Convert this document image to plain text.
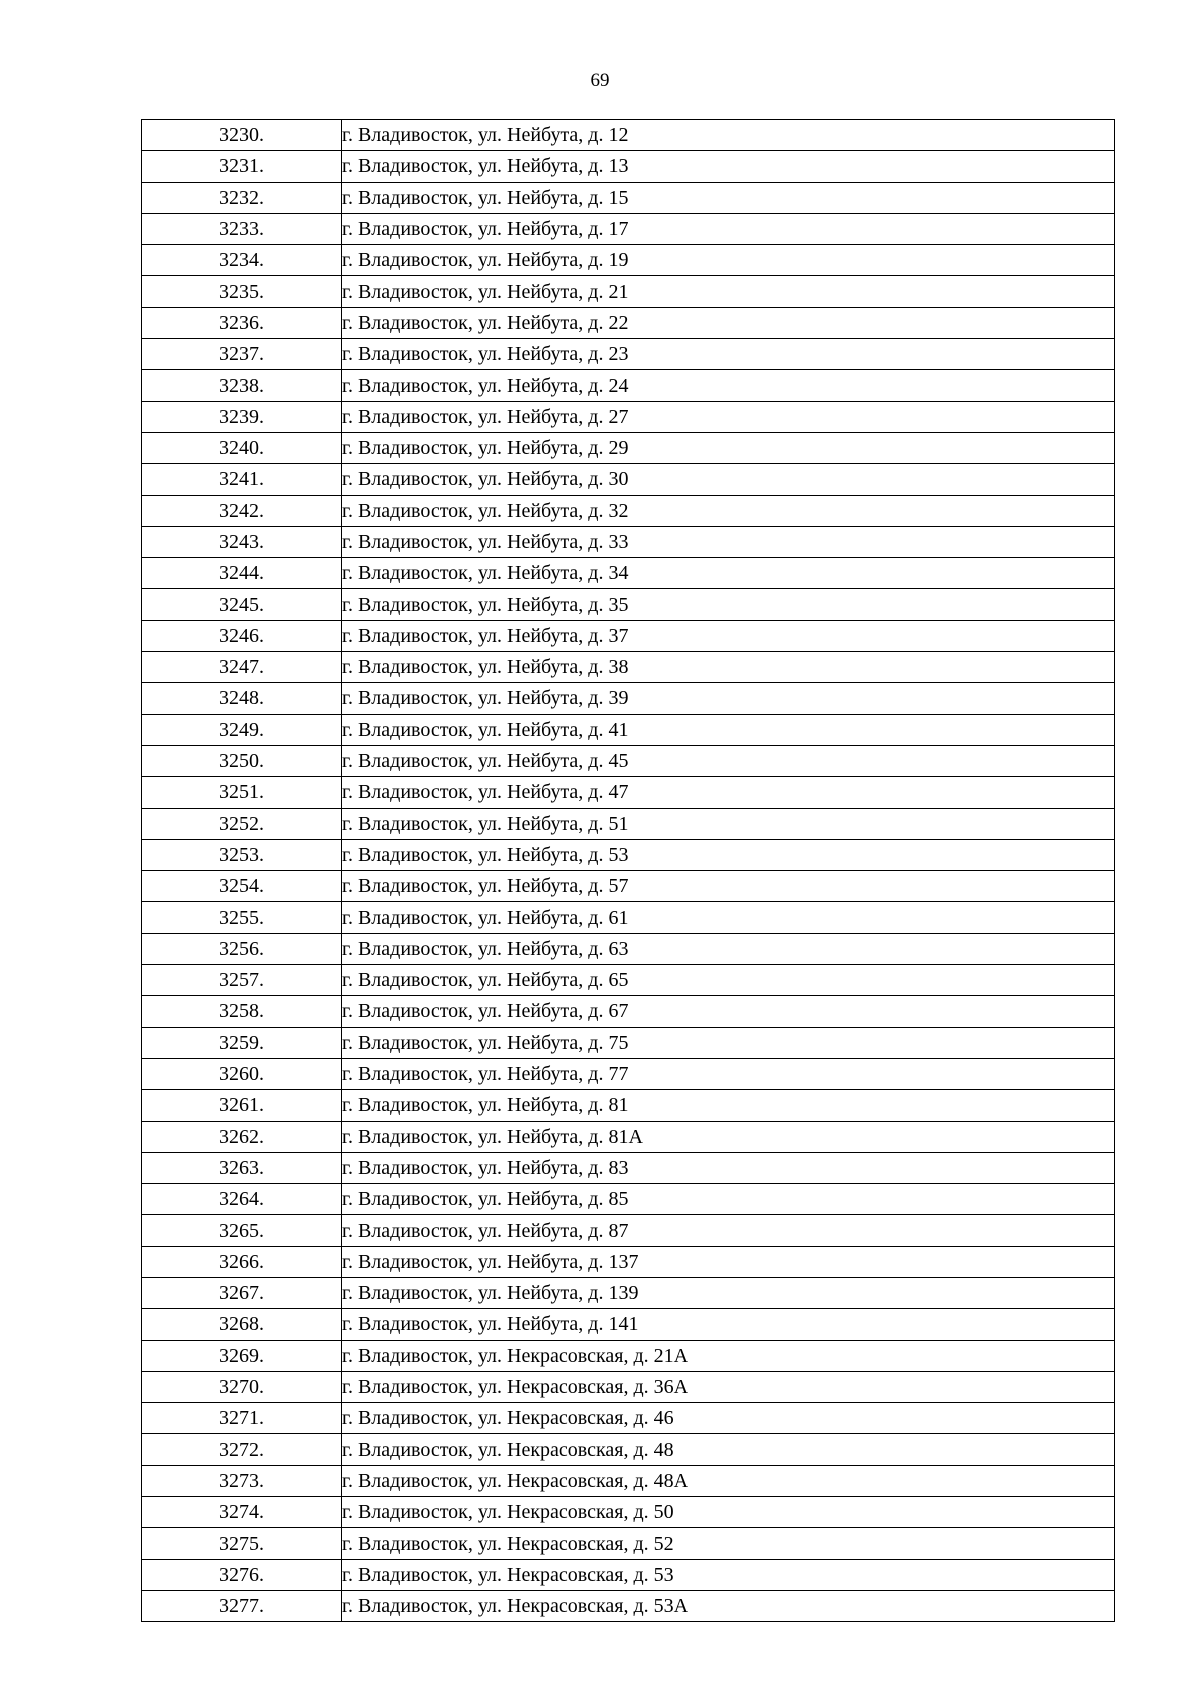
69
3230.	г. Владивосток, ул. Нейбута, д. 12
3231.	г. Владивосток, ул. Нейбута, д. 13
3232.	г. Владивосток, ул. Нейбута, д. 15
3233.	г. Владивосток, ул. Нейбута, д. 17
3234.	г. Владивосток, ул. Нейбута, д. 19
3235.	г. Владивосток, ул. Нейбута, д. 21
3236.	г. Владивосток, ул. Нейбута, д. 22
3237.	г. Владивосток, ул. Нейбута, д. 23
3238.	г. Владивосток, ул. Нейбута, д. 24
3239.	г. Владивосток, ул. Нейбута, д. 27
3240.	г. Владивосток, ул. Нейбута, д. 29
3241.	г. Владивосток, ул. Нейбута, д. 30
3242.	г. Владивосток, ул. Нейбута, д. 32
3243.	г. Владивосток, ул. Нейбута, д. 33
3244.	г. Владивосток, ул. Нейбута, д. 34
3245.	г. Владивосток, ул. Нейбута, д. 35
3246.	г. Владивосток, ул. Нейбута, д. 37
3247.	г. Владивосток, ул. Нейбута, д. 38
3248.	г. Владивосток, ул. Нейбута, д. 39
3249.	г. Владивосток, ул. Нейбута, д. 41
3250.	г. Владивосток, ул. Нейбута, д. 45
3251.	г. Владивосток, ул. Нейбута, д. 47
3252.	г. Владивосток, ул. Нейбута, д. 51
3253.	г. Владивосток, ул. Нейбута, д. 53
3254.	г. Владивосток, ул. Нейбута, д. 57
3255.	г. Владивосток, ул. Нейбута, д. 61
3256.	г. Владивосток, ул. Нейбута, д. 63
3257.	г. Владивосток, ул. Нейбута, д. 65
3258.	г. Владивосток, ул. Нейбута, д. 67
3259.	г. Владивосток, ул. Нейбута, д. 75
3260.	г. Владивосток, ул. Нейбута, д. 77
3261.	г. Владивосток, ул. Нейбута, д. 81
3262.	г. Владивосток, ул. Нейбута, д. 81А
3263.	г. Владивосток, ул. Нейбута, д. 83
3264.	г. Владивосток, ул. Нейбута, д. 85
3265.	г. Владивосток, ул. Нейбута, д. 87
3266.	г. Владивосток, ул. Нейбута, д. 137
3267.	г. Владивосток, ул. Нейбута, д. 139
3268.	г. Владивосток, ул. Нейбута, д. 141
3269.	г. Владивосток, ул. Некрасовская, д. 21А
3270.	г. Владивосток, ул. Некрасовская, д. 36А
3271.	г. Владивосток, ул. Некрасовская, д. 46
3272.	г. Владивосток, ул. Некрасовская, д. 48
3273.	г. Владивосток, ул. Некрасовская, д. 48А
3274.	г. Владивосток, ул. Некрасовская, д. 50
3275.	г. Владивосток, ул. Некрасовская, д. 52
3276.	г. Владивосток, ул. Некрасовская, д. 53
3277.	г. Владивосток, ул. Некрасовская, д. 53А
